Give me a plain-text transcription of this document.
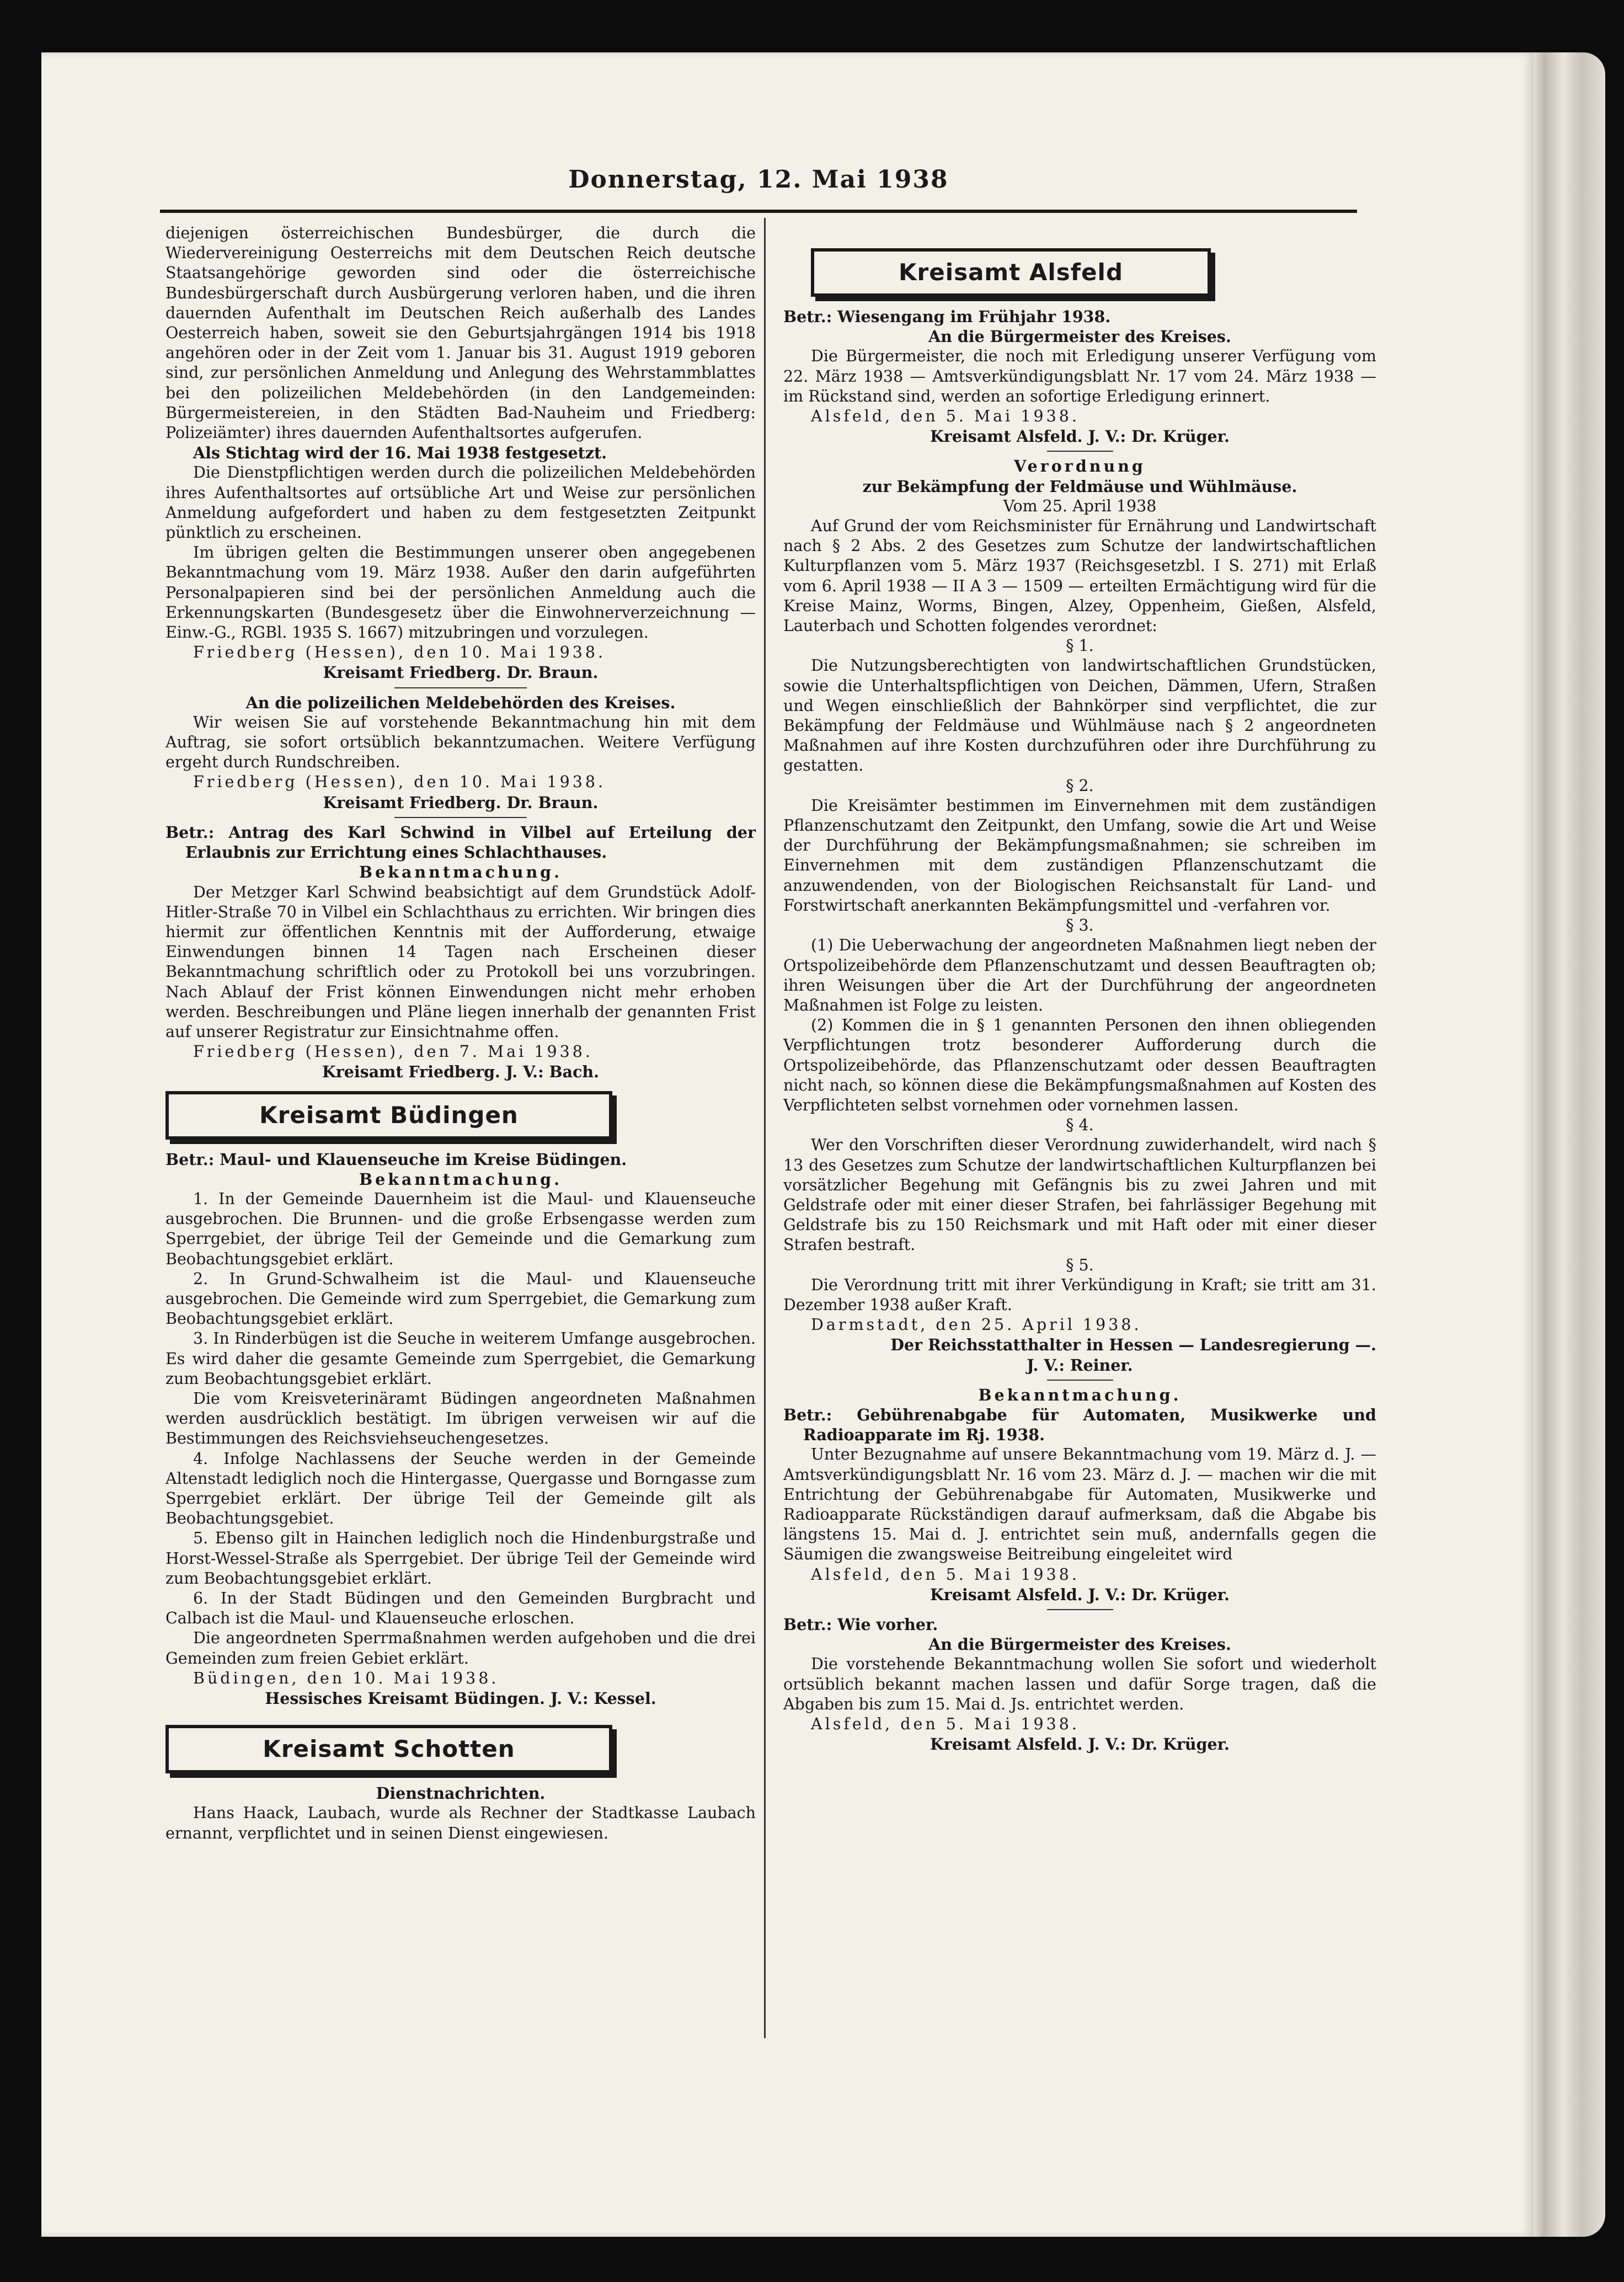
Donnerstag, 12. Mai 1938

diejenigen österreichischen Bundesbürger, die durch die Wiedervereinigung Oesterreichs mit dem Deutschen Reich deutsche Staatsangehörige geworden sind oder die österreichische Bundesbürgerschaft durch Ausbürgerung verloren haben, und die ihren dauernden Aufenthalt im Deutschen Reich außerhalb des Landes Oesterreich haben, soweit sie den Geburtsjahrgängen 1914 bis 1918 angehören oder in der Zeit vom 1. Januar bis 31. August 1919 geboren sind, zur persönlichen Anmeldung und Anlegung des Wehrstammblattes bei den polizeilichen Meldebehörden (in den Landgemeinden: Bürgermeistereien, in den Städten Bad-Nauheim und Friedberg: Polizeiämter) ihres dauernden Aufenthaltsortes aufgerufen.

Als Stichtag wird der 16. Mai 1938 festgesetzt.

Die Dienstpflichtigen werden durch die polizeilichen Meldebehörden ihres Aufenthaltsortes auf ortsübliche Art und Weise zur persönlichen Anmeldung aufgefordert und haben zu dem festgesetzten Zeitpunkt pünktlich zu erscheinen.

Im übrigen gelten die Bestimmungen unserer oben angegebenen Bekanntmachung vom 19. März 1938. Außer den darin aufgeführten Personalpapieren sind bei der persönlichen Anmeldung auch die Erkennungskarten (Bundesgesetz über die Einwohnerverzeichnung — Einw.-G., RGBl. 1935 S. 1667) mitzubringen und vorzulegen.

Friedberg (Hessen), den 10. Mai 1938.

Kreisamt Friedberg. Dr. Braun.

An die polizeilichen Meldebehörden des Kreises.

Wir weisen Sie auf vorstehende Bekanntmachung hin mit dem Auftrag, sie sofort ortsüblich bekanntzumachen. Weitere Verfügung ergeht durch Rundschreiben.

Friedberg (Hessen), den 10. Mai 1938.

Kreisamt Friedberg. Dr. Braun.

Betr.: Antrag des Karl Schwind in Vilbel auf Erteilung der Erlaubnis zur Errichtung eines Schlachthauses.

Bekanntmachung.

Der Metzger Karl Schwind beabsichtigt auf dem Grundstück Adolf-Hitler-Straße 70 in Vilbel ein Schlachthaus zu errichten. Wir bringen dies hiermit zur öffentlichen Kenntnis mit der Aufforderung, etwaige Einwendungen binnen 14 Tagen nach Erscheinen dieser Bekanntmachung schriftlich oder zu Protokoll bei uns vorzubringen. Nach Ablauf der Frist können Einwendungen nicht mehr erhoben werden. Beschreibungen und Pläne liegen innerhalb der genannten Frist auf unserer Registratur zur Einsichtnahme offen.

Friedberg (Hessen), den 7. Mai 1938.

Kreisamt Friedberg. J. V.: Bach.

Kreisamt Büdingen

Betr.: Maul- und Klauenseuche im Kreise Büdingen.

Bekanntmachung.

1. In der Gemeinde Dauernheim ist die Maul- und Klauenseuche ausgebrochen. Die Brunnen- und die große Erbsengasse werden zum Sperrgebiet, der übrige Teil der Gemeinde und die Gemarkung zum Beobachtungsgebiet erklärt.

2. In Grund-Schwalheim ist die Maul- und Klauenseuche ausgebrochen. Die Gemeinde wird zum Sperrgebiet, die Gemarkung zum Beobachtungsgebiet erklärt.

3. In Rinderbügen ist die Seuche in weiterem Umfange ausgebrochen. Es wird daher die gesamte Gemeinde zum Sperrgebiet, die Gemarkung zum Beobachtungsgebiet erklärt.

Die vom Kreisveterinäramt Büdingen angeordneten Maßnahmen werden ausdrücklich bestätigt. Im übrigen verweisen wir auf die Bestimmungen des Reichsviehseuchengesetzes.

4. Infolge Nachlassens der Seuche werden in der Gemeinde Altenstadt lediglich noch die Hintergasse, Quergasse und Borngasse zum Sperrgebiet erklärt. Der übrige Teil der Gemeinde gilt als Beobachtungsgebiet.

5. Ebenso gilt in Hainchen lediglich noch die Hindenburgstraße und Horst-Wessel-Straße als Sperrgebiet. Der übrige Teil der Gemeinde wird zum Beobachtungsgebiet erklärt.

6. In der Stadt Büdingen und den Gemeinden Burgbracht und Calbach ist die Maul- und Klauenseuche erloschen.

Die angeordneten Sperrmaßnahmen werden aufgehoben und die drei Gemeinden zum freien Gebiet erklärt.

Büdingen, den 10. Mai 1938.

Hessisches Kreisamt Büdingen. J. V.: Kessel.

Kreisamt Schotten

Dienstnachrichten.

Hans Haack, Laubach, wurde als Rechner der Stadtkasse Laubach ernannt, verpflichtet und in seinen Dienst eingewiesen.

Kreisamt Alsfeld

Betr.: Wiesengang im Frühjahr 1938.

An die Bürgermeister des Kreises.

Die Bürgermeister, die noch mit Erledigung unserer Verfügung vom 22. März 1938 — Amtsverkündigungsblatt Nr. 17 vom 24. März 1938 — im Rückstand sind, werden an sofortige Erledigung erinnert.

Alsfeld, den 5. Mai 1938.

Kreisamt Alsfeld. J. V.: Dr. Krüger.

Verordnung

zur Bekämpfung der Feldmäuse und Wühlmäuse.

Vom 25. April 1938

Auf Grund der vom Reichsminister für Ernährung und Landwirtschaft nach § 2 Abs. 2 des Gesetzes zum Schutze der landwirtschaftlichen Kulturpflanzen vom 5. März 1937 (Reichsgesetzbl. I S. 271) mit Erlaß vom 6. April 1938 — II A 3 — 1509 — erteilten Ermächtigung wird für die Kreise Mainz, Worms, Bingen, Alzey, Oppenheim, Gießen, Alsfeld, Lauterbach und Schotten folgendes verordnet:

§ 1.

Die Nutzungsberechtigten von landwirtschaftlichen Grundstücken, sowie die Unterhaltspflichtigen von Deichen, Dämmen, Ufern, Straßen und Wegen einschließlich der Bahnkörper sind verpflichtet, die zur Bekämpfung der Feldmäuse und Wühlmäuse nach § 2 angeordneten Maßnahmen auf ihre Kosten durchzuführen oder ihre Durchführung zu gestatten.

§ 2.

Die Kreisämter bestimmen im Einvernehmen mit dem zuständigen Pflanzenschutzamt den Zeitpunkt, den Umfang, sowie die Art und Weise der Durchführung der Bekämpfungsmaßnahmen; sie schreiben im Einvernehmen mit dem zuständigen Pflanzenschutzamt die anzuwendenden, von der Biologischen Reichsanstalt für Land- und Forstwirtschaft anerkannten Bekämpfungsmittel und -verfahren vor.

§ 3.

(1) Die Ueberwachung der angeordneten Maßnahmen liegt neben der Ortspolizeibehörde dem Pflanzenschutzamt und dessen Beauftragten ob; ihren Weisungen über die Art der Durchführung der angeordneten Maßnahmen ist Folge zu leisten.

(2) Kommen die in § 1 genannten Personen den ihnen obliegenden Verpflichtungen trotz besonderer Aufforderung durch die Ortspolizeibehörde, das Pflanzenschutzamt oder dessen Beauftragten nicht nach, so können diese die Bekämpfungsmaßnahmen auf Kosten des Verpflichteten selbst vornehmen oder vornehmen lassen.

§ 4.

Wer den Vorschriften dieser Verordnung zuwiderhandelt, wird nach § 13 des Gesetzes zum Schutze der landwirtschaftlichen Kulturpflanzen bei vorsätzlicher Begehung mit Gefängnis bis zu zwei Jahren und mit Geldstrafe oder mit einer dieser Strafen, bei fahrlässiger Begehung mit Geldstrafe bis zu 150 Reichsmark und mit Haft oder mit einer dieser Strafen bestraft.

§ 5.

Die Verordnung tritt mit ihrer Verkündigung in Kraft; sie tritt am 31. Dezember 1938 außer Kraft.

Darmstadt, den 25. April 1938.

Der Reichsstatthalter in Hessen — Landesregierung —.

J. V.: Reiner.

Bekanntmachung.

Betr.: Gebührenabgabe für Automaten, Musikwerke und Radioapparate im Rj. 1938.

Unter Bezugnahme auf unsere Bekanntmachung vom 19. März d. J. — Amtsverkündigungsblatt Nr. 16 vom 23. März d. J. — machen wir die mit Entrichtung der Gebührenabgabe für Automaten, Musikwerke und Radioapparate Rückständigen darauf aufmerksam, daß die Abgabe bis längstens 15. Mai d. J. entrichtet sein muß, andernfalls gegen die Säumigen die zwangsweise Beitreibung eingeleitet wird

Alsfeld, den 5. Mai 1938.

Kreisamt Alsfeld. J. V.: Dr. Krüger.

Betr.: Wie vorher.

An die Bürgermeister des Kreises.

Die vorstehende Bekanntmachung wollen Sie sofort und wiederholt ortsüblich bekannt machen lassen und dafür Sorge tragen, daß die Abgaben bis zum 15. Mai d. Js. entrichtet werden.

Alsfeld, den 5. Mai 1938.

Kreisamt Alsfeld. J. V.: Dr. Krüger.
